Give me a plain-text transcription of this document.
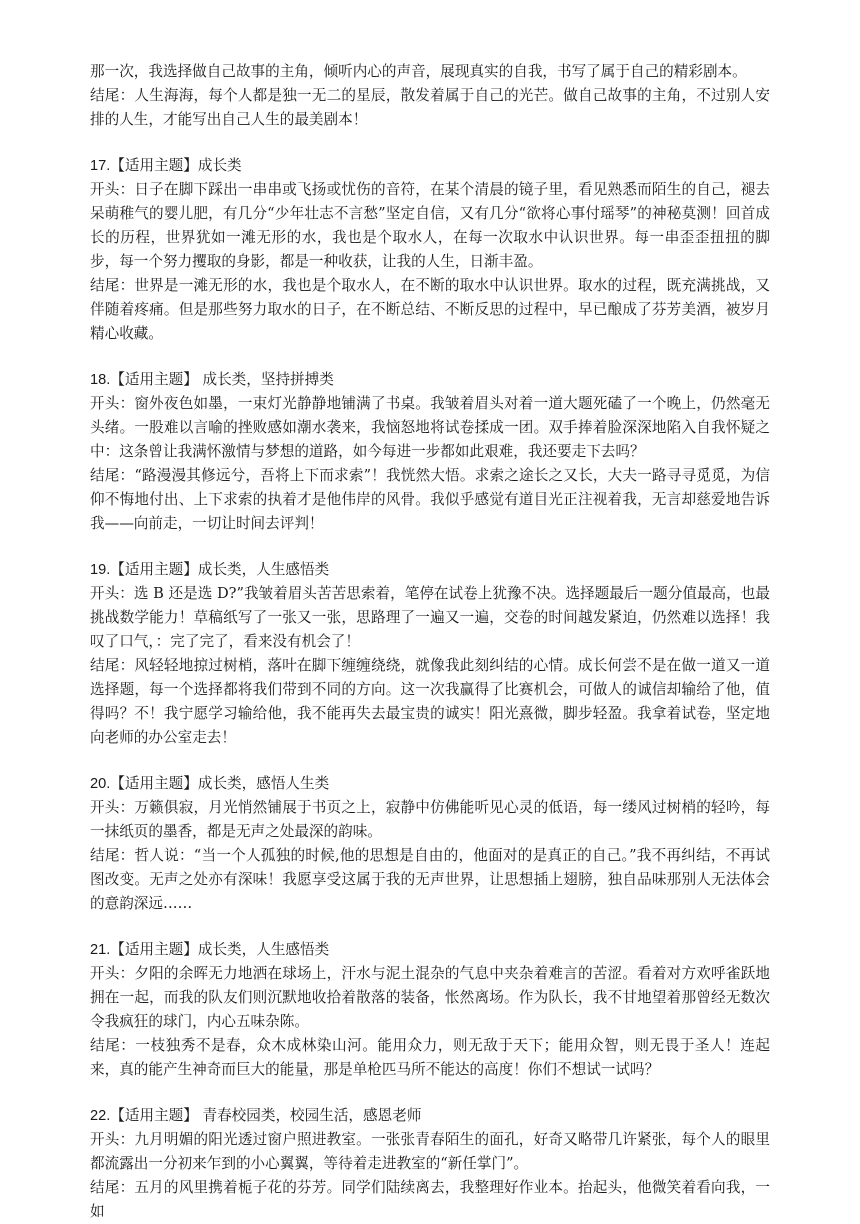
那一次，我选择做自己故事的主角，倾听内心的声音，展现真实的自我，书写了属于自己的精彩剧本。

结尾：人生海海，每个人都是独一无二的星辰，散发着属于自己的光芒。做自己故事的主角，不过别人安排的人生，才能写出自己人生的最美剧本！

17.【适用主题】成长类

开头：日子在脚下踩出一串串或飞扬或忧伤的音符，在某个清晨的镜子里，看见熟悉而陌生的自己，褪去呆萌稚气的婴儿肥，有几分“少年壮志不言愁”坚定自信，又有几分“欲将心事付瑶琴”的神秘莫测！回首成长的历程，世界犹如一滩无形的水，我也是个取水人，在每一次取水中认识世界。每一串歪歪扭扭的脚步，每一个努力攫取的身影，都是一种收获，让我的人生，日渐丰盈。

结尾：世界是一滩无形的水，我也是个取水人，在不断的取水中认识世界。取水的过程，既充满挑战，又伴随着疼痛。但是那些努力取水的日子，在不断总结、不断反思的过程中，早已酿成了芬芳美酒，被岁月精心收藏。

18.【适用主题】 成长类，坚持拼搏类

开头：窗外夜色如墨，一束灯光静静地铺满了书桌。我皱着眉头对着一道大题死磕了一个晚上，仍然毫无头绪。一股难以言喻的挫败感如潮水袭来，我恼怒地将试卷揉成一团。双手捧着脸深深地陷入自我怀疑之中：这条曾让我满怀激情与梦想的道路，如今每进一步都如此艰难，我还要走下去吗？

结尾：“路漫漫其修远兮，吾将上下而求索”！我恍然大悟。求索之途长之又长，大夫一路寻寻觅觅，为信仰不悔地付出、上下求索的执着才是他伟岸的风骨。我似乎感觉有道目光正注视着我，无言却慈爱地告诉我——向前走，一切让时间去评判！

19.【适用主题】成长类，人生感悟类

开头：选 B 还是选 D?”我皱着眉头苦苦思索着，笔停在试卷上犹豫不决。选择题最后一题分值最高，也最挑战数学能力！草稿纸写了一张又一张，思路理了一遍又一遍，交卷的时间越发紧迫，仍然难以选择！我叹了口气，：完了完了，看来没有机会了！

结尾：风轻轻地掠过树梢，落叶在脚下缠缠绕绕，就像我此刻纠结的心情。成长何尝不是在做一道又一道选择题，每一个选择都将我们带到不同的方向。这一次我赢得了比赛机会，可做人的诚信却输给了他，值得吗？不！我宁愿学习输给他，我不能再失去最宝贵的诚实！阳光熹微，脚步轻盈。我拿着试卷，坚定地向老师的办公室走去！

20.【适用主题】成长类，感悟人生类

开头：万籁俱寂，月光悄然铺展于书页之上，寂静中仿佛能听见心灵的低语，每一缕风过树梢的轻吟，每一抹纸页的墨香，都是无声之处最深的韵味。

结尾：哲人说：“当一个人孤独的时候,他的思想是自由的，他面对的是真正的自己。”我不再纠结，不再试图改变。无声之处亦有深味！我愿享受这属于我的无声世界，让思想插上翅膀，独自品味那别人无法体会的意韵深远……

21.【适用主题】成长类，人生感悟类

开头：夕阳的余晖无力地洒在球场上，汗水与泥土混杂的气息中夹杂着难言的苦涩。看着对方欢呼雀跃地拥在一起，而我的队友们则沉默地收拾着散落的装备，怅然离场。作为队长，我不甘地望着那曾经无数次令我疯狂的球门，内心五味杂陈。

结尾：一枝独秀不是春，众木成林染山河。能用众力，则无敌于天下；能用众智，则无畏于圣人！连起来，真的能产生神奇而巨大的能量，那是单枪匹马所不能达的高度！你们不想试一试吗？

22.【适用主题】 青春校园类，校园生活，感恩老师

开头：九月明媚的阳光透过窗户照进教室。一张张青春陌生的面孔，好奇又略带几许紧张，每个人的眼里都流露出一分初来乍到的小心翼翼，等待着走进教室的“新任掌门”。

结尾：五月的风里携着栀子花的芬芳。同学们陆续离去，我整理好作业本。抬起头，他微笑着看向我，一如
